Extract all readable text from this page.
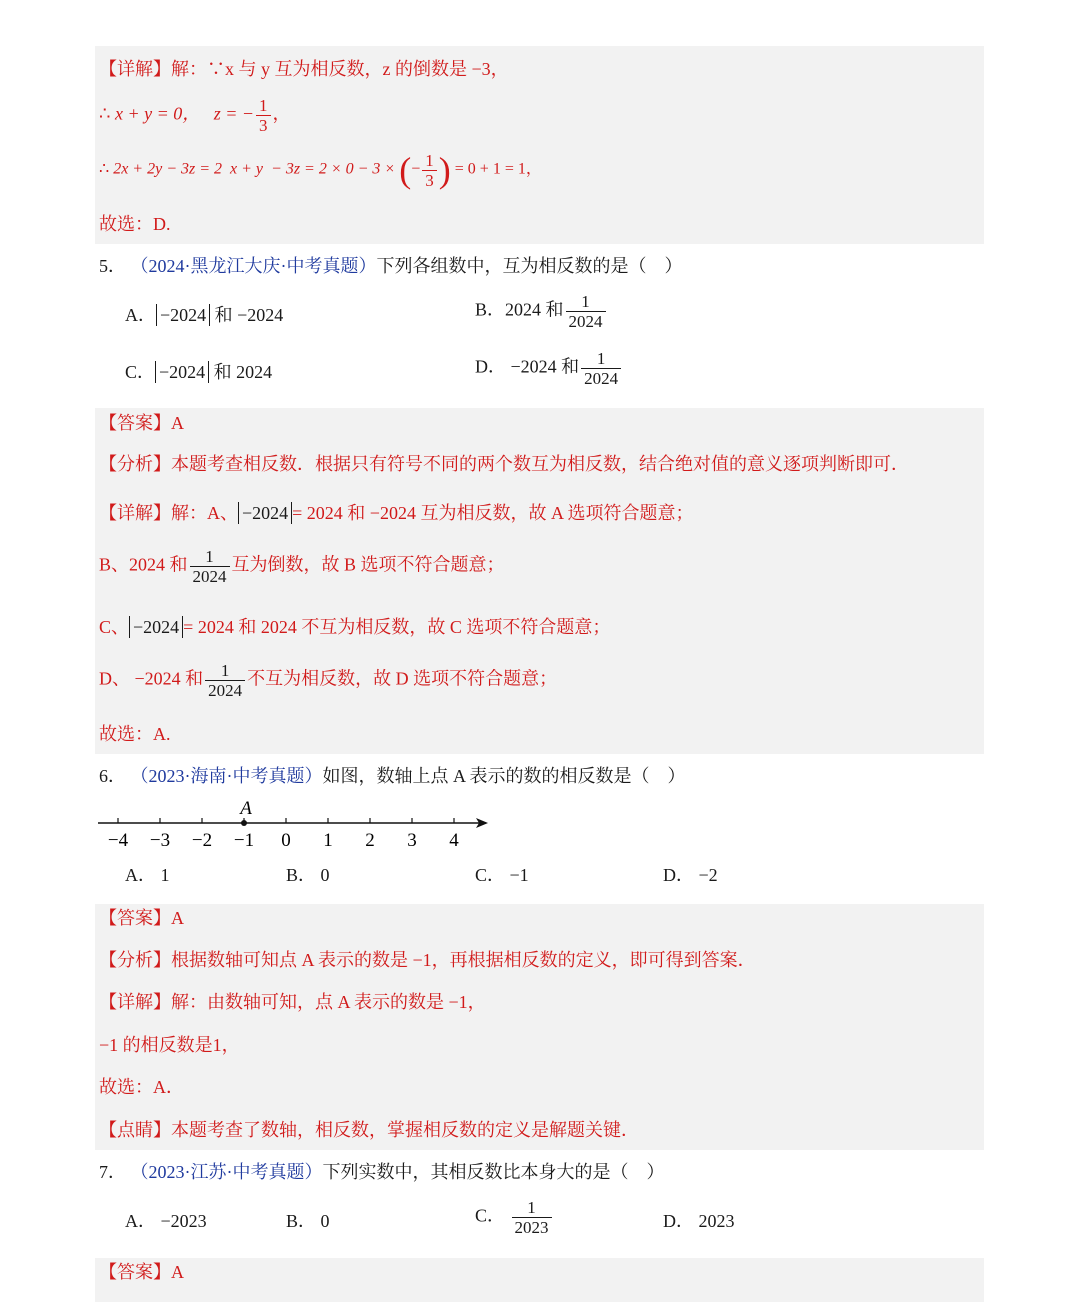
【详解】解：∵x 与 y 互为相反数，z 的倒数是 −3，
∴ x + y = 0， z = − $\frac{1}{3}$ ，
∴ 2x + 2y − 3z = 2 x + y − 3z = 2 × 0 − 3 × (− $\frac{1}{3}$ ) = 0 + 1 = 1，
故选：D.
5． （2024·黑龙江大庆·中考真题）下列各组数中，互为相反数的是（　）
A． −2024 和 −2024	B．2024 和 $\frac{1}{2024}$
C． −2024 和 2024	D． −2024 和 $\frac{1}{2024}$
【答案】A
【分析】本题考查相反数．根据只有符号不同的两个数互为相反数，结合绝对值的意义逐项判断即可．
【详解】解：A、 −2024 = 2024 和 −2024 互为相反数，故 A 选项符合题意；
B、2024 和 $\frac{1}{2024}$ 互为倒数，故 B 选项不符合题意；
C、 −2024 = 2024 和 2024 不互为相反数，故 C 选项不符合题意；
D、 −2024 和 $\frac{1}{2024}$ 不互为相反数，故 D 选项不符合题意；
故选：A.
6． （2023·海南·中考真题）如图，数轴上点 A 表示的数的相反数是（　）
−4 −3 −2 −1 0 1 2 3 4
A
A． 1	B． 0	C． −1	D． −2
【答案】A
【分析】根据数轴可知点 A 表示的数是 −1，再根据相反数的定义，即可得到答案．
【详解】解：由数轴可知，点 A 表示的数是 −1，
−1 的相反数是1，
故选：A．
【点睛】本题考查了数轴，相反数，掌握相反数的定义是解题关键．
7． （2023·江苏·中考真题）下列实数中，其相反数比本身大的是（　）
A． −2023	B． 0	C． $\frac{1}{2023}$	D． 2023
【答案】A
